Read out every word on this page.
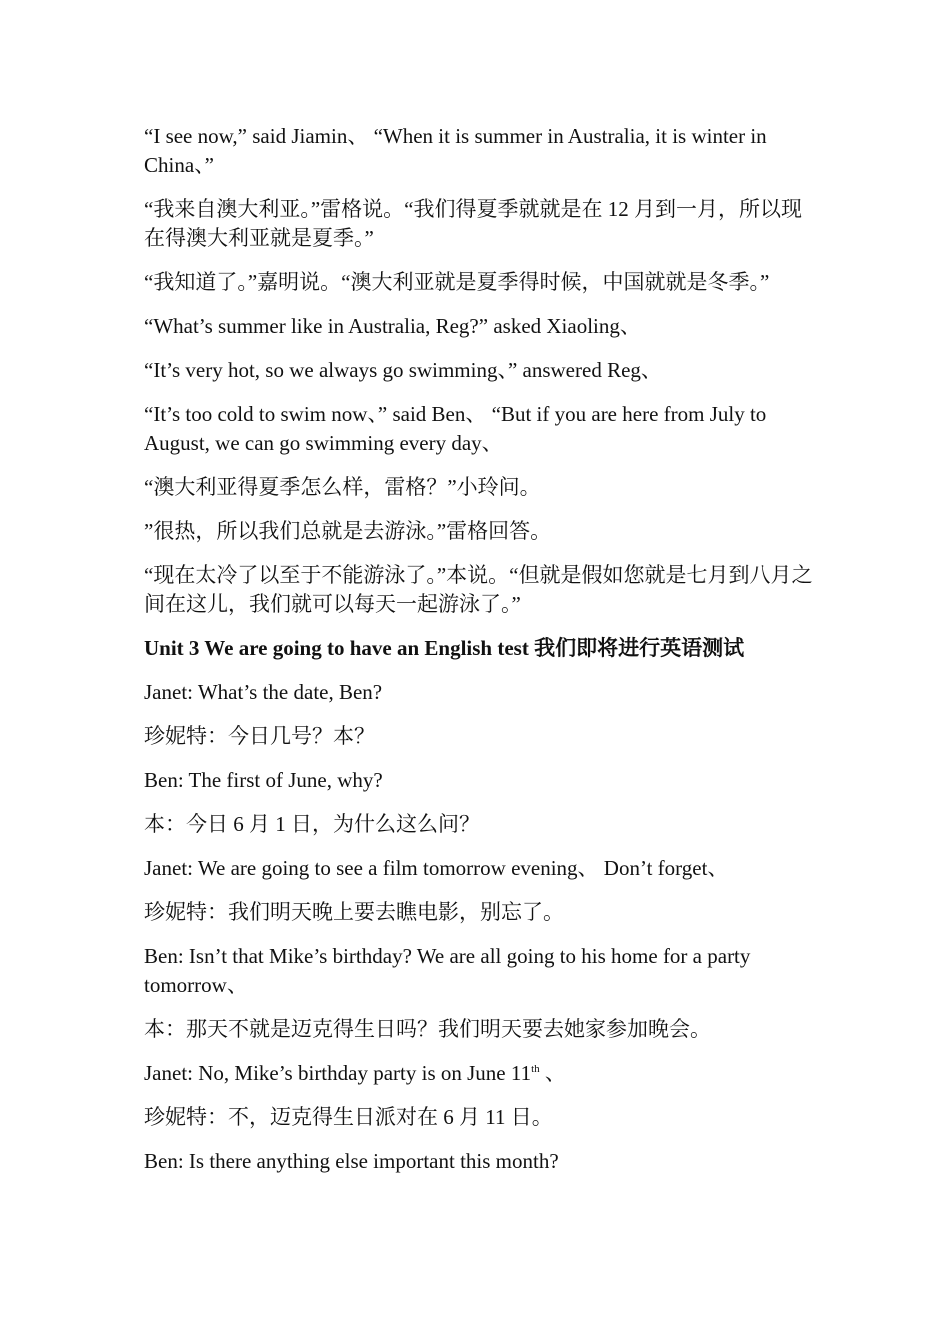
“I see now,” said Jiamin、 “When it is summer in Australia, it is winter in China、”

“我来自澳大利亚。”雷格说。“我们得夏季就就是在 12 月到一月，所以现在得澳大利亚就是夏季。”

“我知道了。”嘉明说。“澳大利亚就是夏季得时候，中国就就是冬季。”

“What’s summer like in Australia, Reg?” asked Xiaoling、

“It’s very hot, so we always go swimming、” answered Reg、

“It’s too cold to swim now、” said Ben、 “But if you are here from July to August, we can go swimming every day、

“澳大利亚得夏季怎么样，雷格？”小玲问。

”很热，所以我们总就是去游泳。”雷格回答。

“现在太冷了以至于不能游泳了。”本说。“但就是假如您就是七月到八月之间在这儿，我们就可以每天一起游泳了。”

Unit 3 We are going to have an English test 我们即将进行英语测试

Janet: What’s the date, Ben?

珍妮特：今日几号？本？

Ben: The first of June, why?

本：今日 6 月 1 日，为什么这么问？

Janet: We are going to see a film tomorrow evening、 Don’t forget、

珍妮特：我们明天晚上要去瞧电影，别忘了。

Ben: Isn’t that Mike’s birthday? We are all going to his home for a party tomorrow、

本：那天不就是迈克得生日吗？我们明天要去她家参加晚会。

Janet: No, Mike’s birthday party is on June 11th 、

珍妮特：不，迈克得生日派对在 6 月 11 日。

Ben: Is there anything else important this month?
